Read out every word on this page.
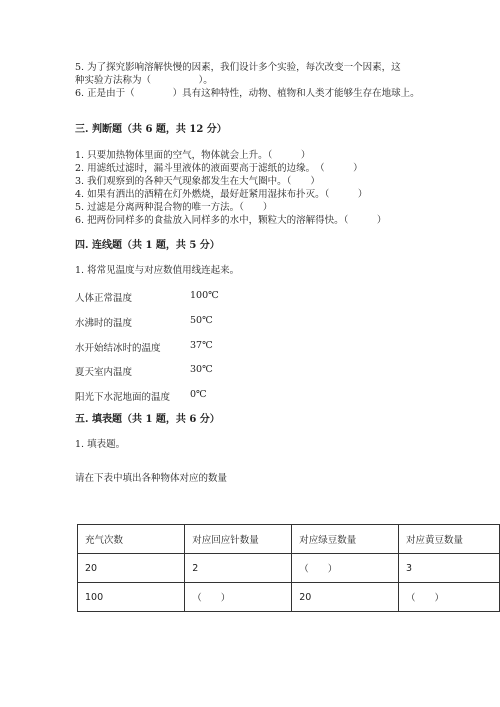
5. 为了探究影响溶解快慢的因素，我们设计多个实验，每次改变一个因素，这
种实验方法称为（　　　　　）。
6. 正是由于（　　　　）具有这种特性，动物、植物和人类才能够生存在地球上。
三. 判断题（共 6 题，共 12 分）
1. 只要加热物体里面的空气，物体就会上升。（　　　）
2. 用滤纸过滤时，漏斗里液体的液面要高于滤纸的边缘。　（　　　）
3. 我们观察到的各种天气现象都发生在大气圈中。（　　）
4. 如果有洒出的酒精在灯外燃烧，最好赶紧用湿抹布扑灭。（　　　）
5. 过滤是分离两种混合物的唯一方法。（　　）
6. 把两份同样多的食盐放入同样多的水中，颗粒大的溶解得快。（　　　）
四. 连线题（共 1 题，共 5 分）
1. 将常见温度与对应数值用线连起来。
人体正常温度	100℃
水沸时的温度	50℃
水开始结冰时的温度	37℃
夏天室内温度	30℃
阳光下水泥地面的温度 0℃
五. 填表题（共 1 题，共 6 分）
1. 填表题。
请在下表中填出各种物体对应的数量
充气次数	对应回应针数量	对应绿豆数量	对应黄豆数量
20	2	（　　）	3
100	（　　）	20	（　　）
